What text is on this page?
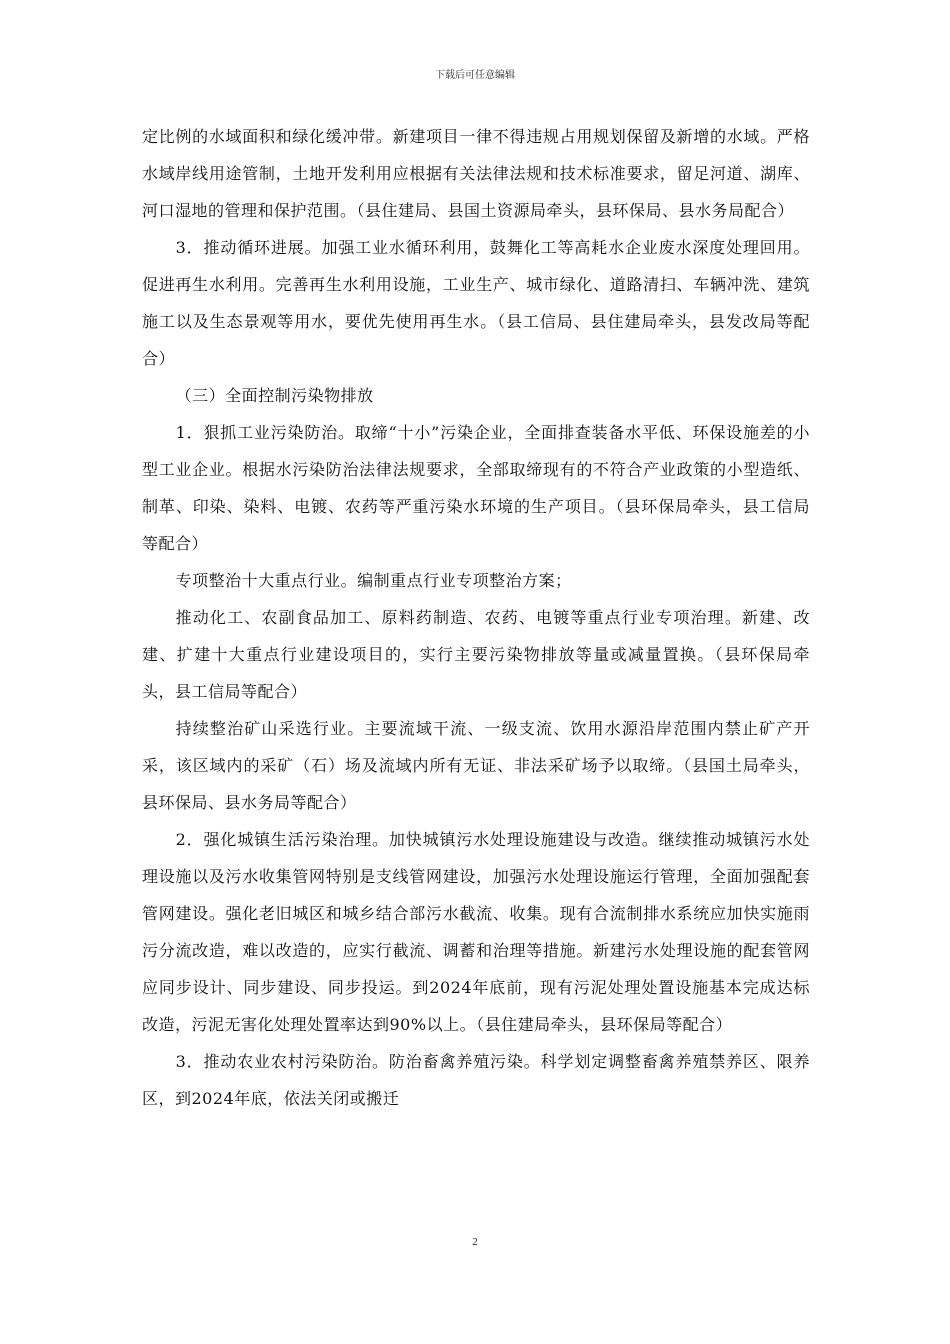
下载后可任意编辑

定比例的水域面积和绿化缓冲带。新建项目一律不得违规占用规划保留及新增的水域。严格水域岸线用途管制，土地开发利用应根据有关法律法规和技术标准要求，留足河道、湖库、河口湿地的管理和保护范围。（县住建局、县国土资源局牵头，县环保局、县水务局配合）

3．推动循环进展。加强工业水循环利用，鼓舞化工等高耗水企业废水深度处理回用。促进再生水利用。完善再生水利用设施，工业生产、城市绿化、道路清扫、车辆冲洗、建筑施工以及生态景观等用水，要优先使用再生水。（县工信局、县住建局牵头，县发改局等配合）

（三）全面控制污染物排放

1．狠抓工业污染防治。取缔“十小”污染企业，全面排查装备水平低、环保设施差的小型工业企业。根据水污染防治法律法规要求，全部取缔现有的不符合产业政策的小型造纸、制革、印染、染料、电镀、农药等严重污染水环境的生产项目。（县环保局牵头，县工信局等配合）

专项整治十大重点行业。编制重点行业专项整治方案；

推动化工、农副食品加工、原料药制造、农药、电镀等重点行业专项治理。新建、改建、扩建十大重点行业建设项目的，实行主要污染物排放等量或减量置换。（县环保局牵头，县工信局等配合）

持续整治矿山采选行业。主要流域干流、一级支流、饮用水源沿岸范围内禁止矿产开采，该区域内的采矿（石）场及流域内所有无证、非法采矿场予以取缔。（县国土局牵头，县环保局、县水务局等配合）

2．强化城镇生活污染治理。加快城镇污水处理设施建设与改造。继续推动城镇污水处理设施以及污水收集管网特别是支线管网建设，加强污水处理设施运行管理，全面加强配套管网建设。强化老旧城区和城乡结合部污水截流、收集。现有合流制排水系统应加快实施雨污分流改造，难以改造的，应实行截流、调蓄和治理等措施。新建污水处理设施的配套管网应同步设计、同步建设、同步投运。到2024年底前，现有污泥处理处置设施基本完成达标改造，污泥无害化处理处置率达到90%以上。（县住建局牵头，县环保局等配合）

3．推动农业农村污染防治。防治畜禽养殖污染。科学划定调整畜禽养殖禁养区、限养区，到2024年底，依法关闭或搬迁

2
